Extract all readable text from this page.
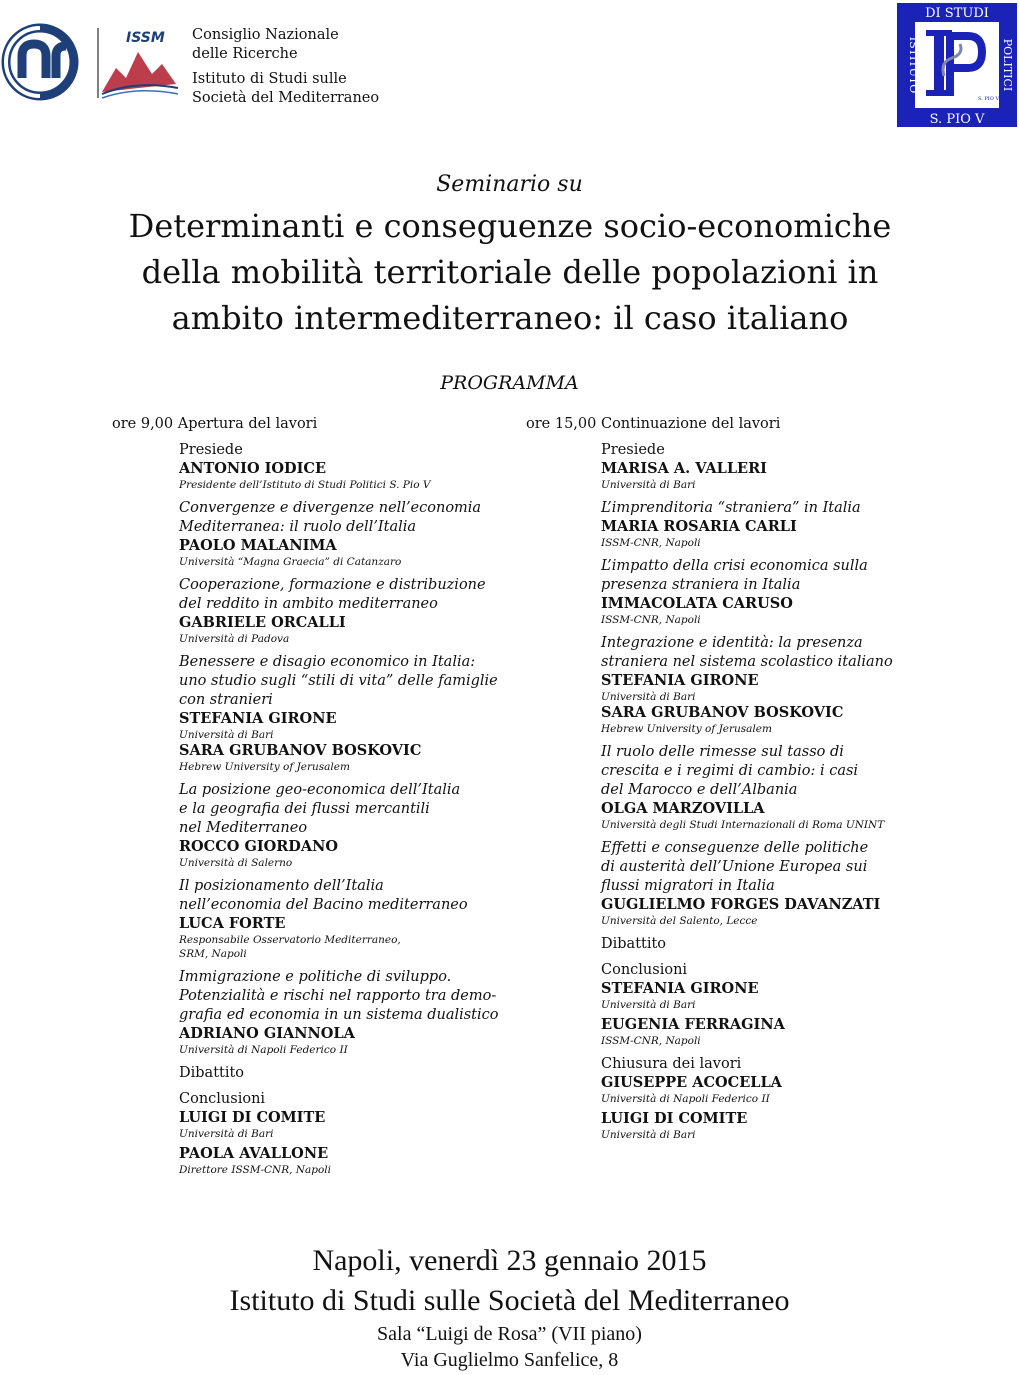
ISSM Consiglio Nazionale
delle Ricerche
Istituto di Studi sulle
Società del Mediterraneo
DI STUDI
S. PIO V
ISTITUTO	POLITICI
S. PIO V
Seminario su
Determinanti e conseguenze socio-economiche
della mobilità territoriale delle popolazioni in
ambito intermediterraneo: il caso italiano
PROGRAMMA
ore 9,00 Apertura del lavori	ore 15,00 Continuazione del lavori
Presiede
ANTONIO IODICE
Presidente dell’Istituto di Studi Politici S. Pio V
Convergenze e divergenze nell’economia
Mediterranea: il ruolo dell’Italia
PAOLO MALANIMA
Università “Magna Graecia” di Catanzaro
Cooperazione, formazione e distribuzione
del reddito in ambito mediterraneo
GABRIELE ORCALLI
Università di Padova
Benessere e disagio economico in Italia:
uno studio sugli “stili di vita” delle famiglie
con stranieri
STEFANIA GIRONE
Università di Bari
SARA GRUBANOV BOSKOVIC
Hebrew University of Jerusalem
La posizione geo-economica dell’Italia
e la geografia dei flussi mercantili
nel Mediterraneo
ROCCO GIORDANO
Università di Salerno
Il posizionamento dell’Italia
nell’economia del Bacino mediterraneo
LUCA FORTE
Responsabile Osservatorio Mediterraneo,
SRM, Napoli
Immigrazione e politiche di sviluppo.
Potenzialità e rischi nel rapporto tra demo-
grafia ed economia in un sistema dualistico
ADRIANO GIANNOLA
Università di Napoli Federico II
Dibattito
Conclusioni
LUIGI DI COMITE
Università di Bari
PAOLA AVALLONE
Direttore ISSM-CNR, Napoli
Presiede
MARISA A. VALLERI
Università di Bari
L’imprenditoria “straniera” in Italia
MARIA ROSARIA CARLI
ISSM-CNR, Napoli
L’impatto della crisi economica sulla
presenza straniera in Italia
IMMACOLATA CARUSO
ISSM-CNR, Napoli
Integrazione e identità: la presenza
straniera nel sistema scolastico italiano
STEFANIA GIRONE
Università di Bari
SARA GRUBANOV BOSKOVIC
Hebrew University of Jerusalem
Il ruolo delle rimesse sul tasso di
crescita e i regimi di cambio: i casi
del Marocco e dell’Albania
OLGA MARZOVILLA
Università degli Studi Internazionali di Roma UNINT
Effetti e conseguenze delle politiche
di austerità dell’Unione Europea sui
flussi migratori in Italia
GUGLIELMO FORGES DAVANZATI
Università del Salento, Lecce
Dibattito
Conclusioni
STEFANIA GIRONE
Università di Bari
EUGENIA FERRAGINA
ISSM-CNR, Napoli
Chiusura dei lavori
GIUSEPPE ACOCELLA
Università di Napoli Federico II
LUIGI DI COMITE
Università di Bari
Napoli, venerdì 23 gennaio 2015
Istituto di Studi sulle Società del Mediterraneo
Sala “Luigi de Rosa” (VII piano)
Via Guglielmo Sanfelice, 8
